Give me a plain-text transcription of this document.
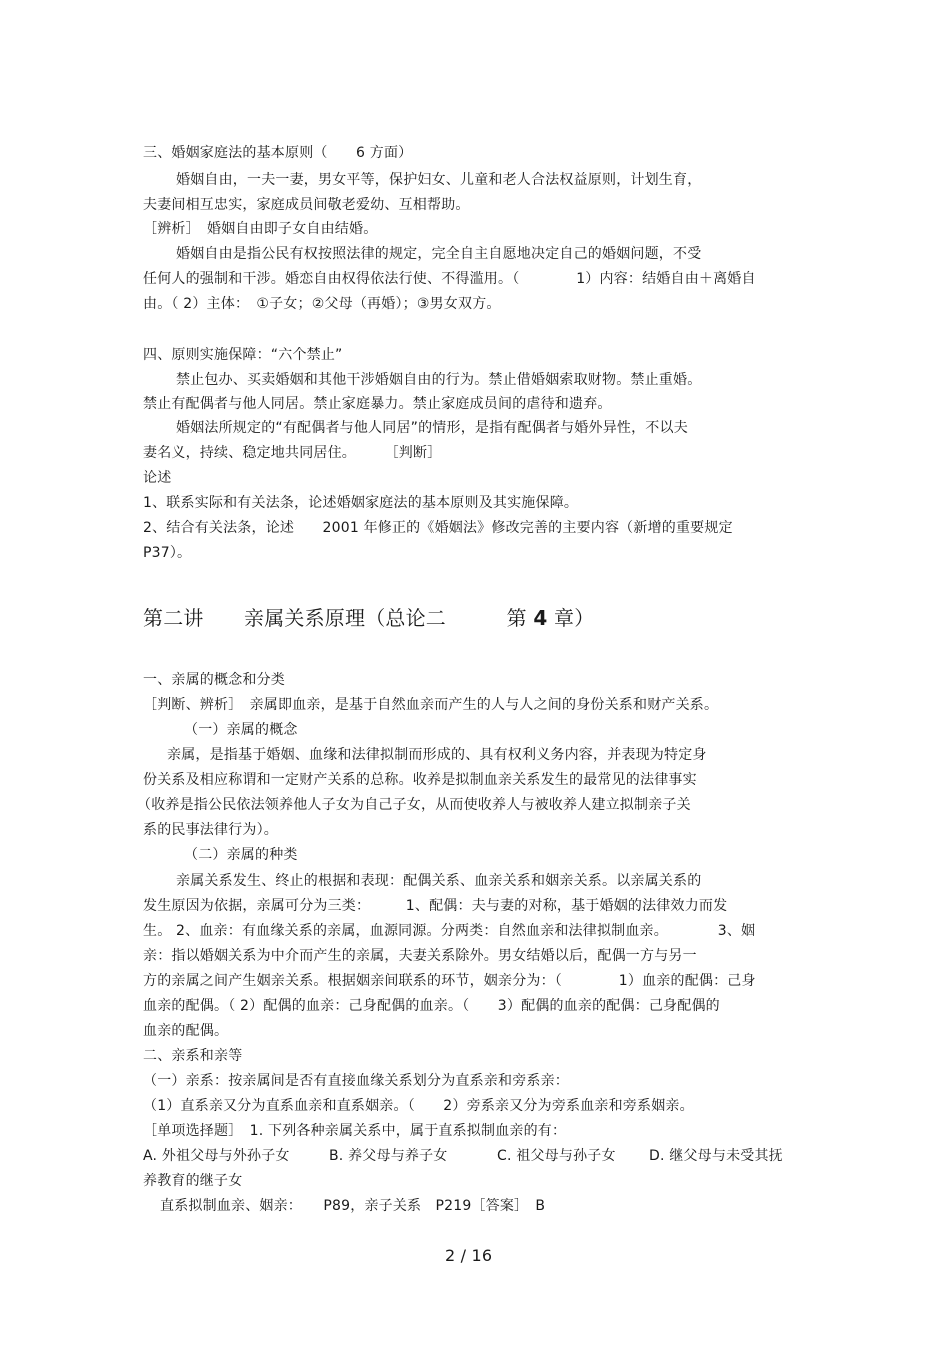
三、婚姻家庭法的基本原则（　　6 方面）
婚姻自由，一夫一妻，男女平等，保护妇女、儿童和老人合法权益原则，计划生育，
夫妻间相互忠实，家庭成员间敬老爱幼、互相帮助。
［辨析］　婚姻自由即子女自由结婚。
婚姻自由是指公民有权按照法律的规定，完全自主自愿地决定自己的婚姻问题，不受
任何人的强制和干涉。婚恋自由权得依法行使、不得滥用。（　　　　1）内容：结婚自由＋离婚自
由。（ 2）主体：　①子女；②父母（再婚）；③男女双方。
四、原则实施保障：“六个禁止”
禁止包办、买卖婚姻和其他干涉婚姻自由的行为。禁止借婚姻索取财物。禁止重婚。
禁止有配偶者与他人同居。禁止家庭暴力。禁止家庭成员间的虐待和遗弃。
婚姻法所规定的“有配偶者与他人同居”的情形，是指有配偶者与婚外异性，不以夫
妻名义，持续、稳定地共同居住。　　　［判断］
论述
1、联系实际和有关法条，论述婚姻家庭法的基本原则及其实施保障。
2、结合有关法条，论述　　2001 年修正的《婚姻法》修改完善的主要内容（新增的重要规定
P37）。
第二讲　　亲属关系原理（总论二　　　第 4 章）
一、亲属的概念和分类
［判断、辨析］　亲属即血亲，是基于自然血亲而产生的人与人之间的身份关系和财产关系。
（一）亲属的概念
亲属，是指基于婚姻、血缘和法律拟制而形成的、具有权利义务内容，并表现为特定身
份关系及相应称谓和一定财产关系的总称。收养是拟制血亲关系发生的最常见的法律事实
（收养是指公民依法领养他人子女为自己子女，从而使收养人与被收养人建立拟制亲子关
系的民事法律行为）。
（二）亲属的种类
亲属关系发生、终止的根据和表现：配偶关系、血亲关系和姻亲关系。以亲属关系的
发生原因为依据，亲属可分为三类：　　　1、配偶：夫与妻的对称，基于婚姻的法律效力而发
生。 2、血亲：有血缘关系的亲属，血源同源。分两类：自然血亲和法律拟制血亲。　　　　3、姻
亲：指以婚姻关系为中介而产生的亲属，夫妻关系除外。男女结婚以后，配偶一方与另一
方的亲属之间产生姻亲关系。根据姻亲间联系的环节，姻亲分为：（　　　　1）血亲的配偶：己身
血亲的配偶。（ 2）配偶的血亲：己身配偶的血亲。（　　3）配偶的血亲的配偶：己身配偶的
血亲的配偶。
二、亲系和亲等
（一）亲系：按亲属间是否有直接血缘关系划分为直系亲和旁系亲：
（1）直系亲又分为直系血亲和直系姻亲。（　　2）旁系亲又分为旁系血亲和旁系姻亲。
［单项选择题］　1. 下列各种亲属关系中，属于直系拟制血亲的有：
A. 外祖父母与外孙子女	B. 养父母与养子女	C. 祖父母与孙子女 D. 继父母与未受其抚
养教育的继子女
直系拟制血亲、姻亲：　　P89，亲子关系　P219［答案］　B
2 / 16
